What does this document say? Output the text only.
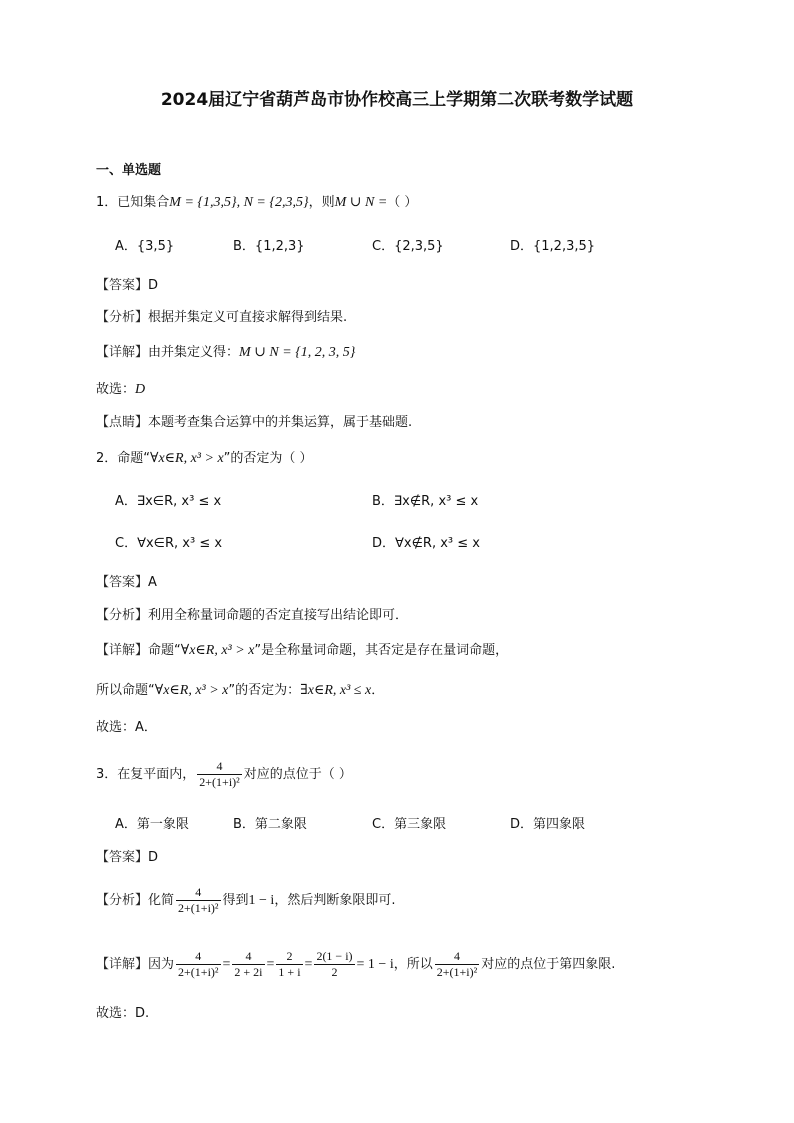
2024届辽宁省葫芦岛市协作校高三上学期第二次联考数学试题
一、单选题
1．已知集合M = {1,3,5}, N = {2,3,5}，则M ∪ N =（ ）
A．{3,5}	B．{1,2,3}	C．{2,3,5}	D．{1,2,3,5}
【答案】D
【分析】根据并集定义可直接求解得到结果.
【详解】由并集定义得：M ∪ N = {1, 2, 3, 5}
故选：D
【点睛】本题考查集合运算中的并集运算，属于基础题.
2．命题“∀x∈R, x³ > x”的否定为（ ）
A．∃x∈R, x³ ≤ x	B．∃x∉R, x³ ≤ x
C．∀x∈R, x³ ≤ x	D．∀x∉R, x³ ≤ x
【答案】A
【分析】利用全称量词命题的否定直接写出结论即可．
【详解】命题“∀x∈R, x³ > x”是全称量词命题，其否定是存在量词命题，
所以命题“∀x∈R, x³ > x”的否定为：∃x∈R, x³ ≤ x．
故选：A．
3．在复平面内， $\frac{4}{\text{2+(1+i)²}}$ 对应的点位于（ ）
A．第一象限	B．第二象限	C．第三象限	D．第四象限
【答案】D
【分析】化简 $\frac{4}{\text{2+(1+i)²}}$ 得到1 − i，然后判断象限即可.
【详解】因为 $\frac{4}{\text{2+(1+i)²}} = \frac{4}{2 + 2i} = \frac{2}{1 + i} = \frac{2(1 - i)}{2} = 1 - i$，所以 $\frac{4}{\text{2+(1+i)²}}$ 对应的点位于第四象限.
故选：D.
